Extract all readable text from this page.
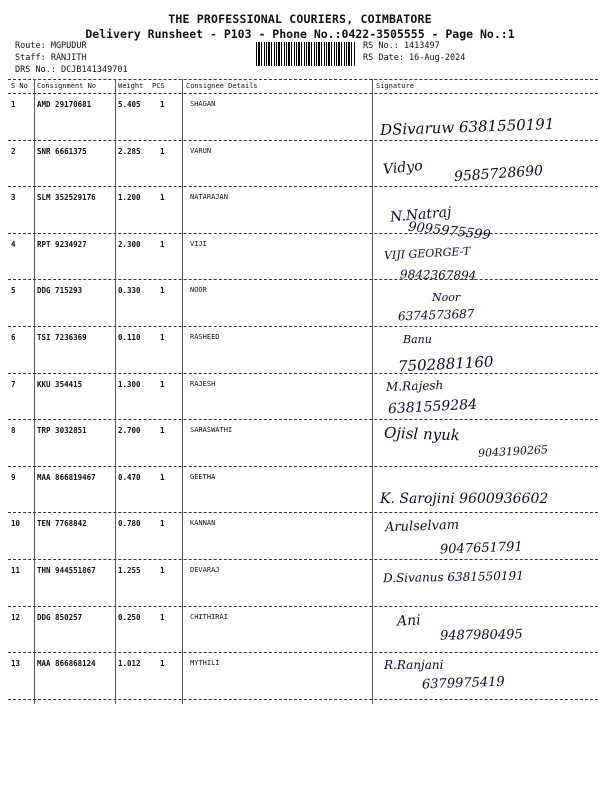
THE PROFESSIONAL COURIERS, COIMBATORE
Delivery Runsheet - P103 - Phone No.:0422-3505555 - Page No.:1
Route: MGPUDUR
Staff: RANJITH
DRS No.: DCJB141349701
RS No.: 1413497
RS Date: 16-Aug-2024
S No Consignment No	Weight PCS	Consignee Details	Signature
1	AMD 29170681	5.405	1	SHAGAN
DSivaruw 6381550191
2	SNR 6661375	2.285	1	VARUN
Vidyo 9585728690
3	SLM 352529176	1.200	1	NATARAJAN
N.Natraj
9095975599
4	RPT 9234927	2.300	1	VIJI
VIJI GEORGE-T
9842367894
5	DDG 715293	0.330	1	NOOR
Noor
6374573687
6	TSI 7236369	0.110	1	RASHEED	Banu
7502881160
7	KKU 354415	1.300	1	RAJESH	M.Rajesh
6381559284
8	TRP 3032851	2.700	1	SARASWATHI	Ojisl nyuk
9043190265
9	MAA 866819467	0.470	1	GEETHA
K. Sarojini 9600936602
10 TEN 7768842	0.780	1	KANNAN	Arulselvam
9047651791
11 THN 944551867	1.255	1	DEVARAJ	D.Sivanus 6381550191
12 DDG 850257	0.250	1	CHITHIRAI	Ani
9487980495
13 MAA 866868124	1.012	1	MYTHILI	R.Ranjani
6379975419
